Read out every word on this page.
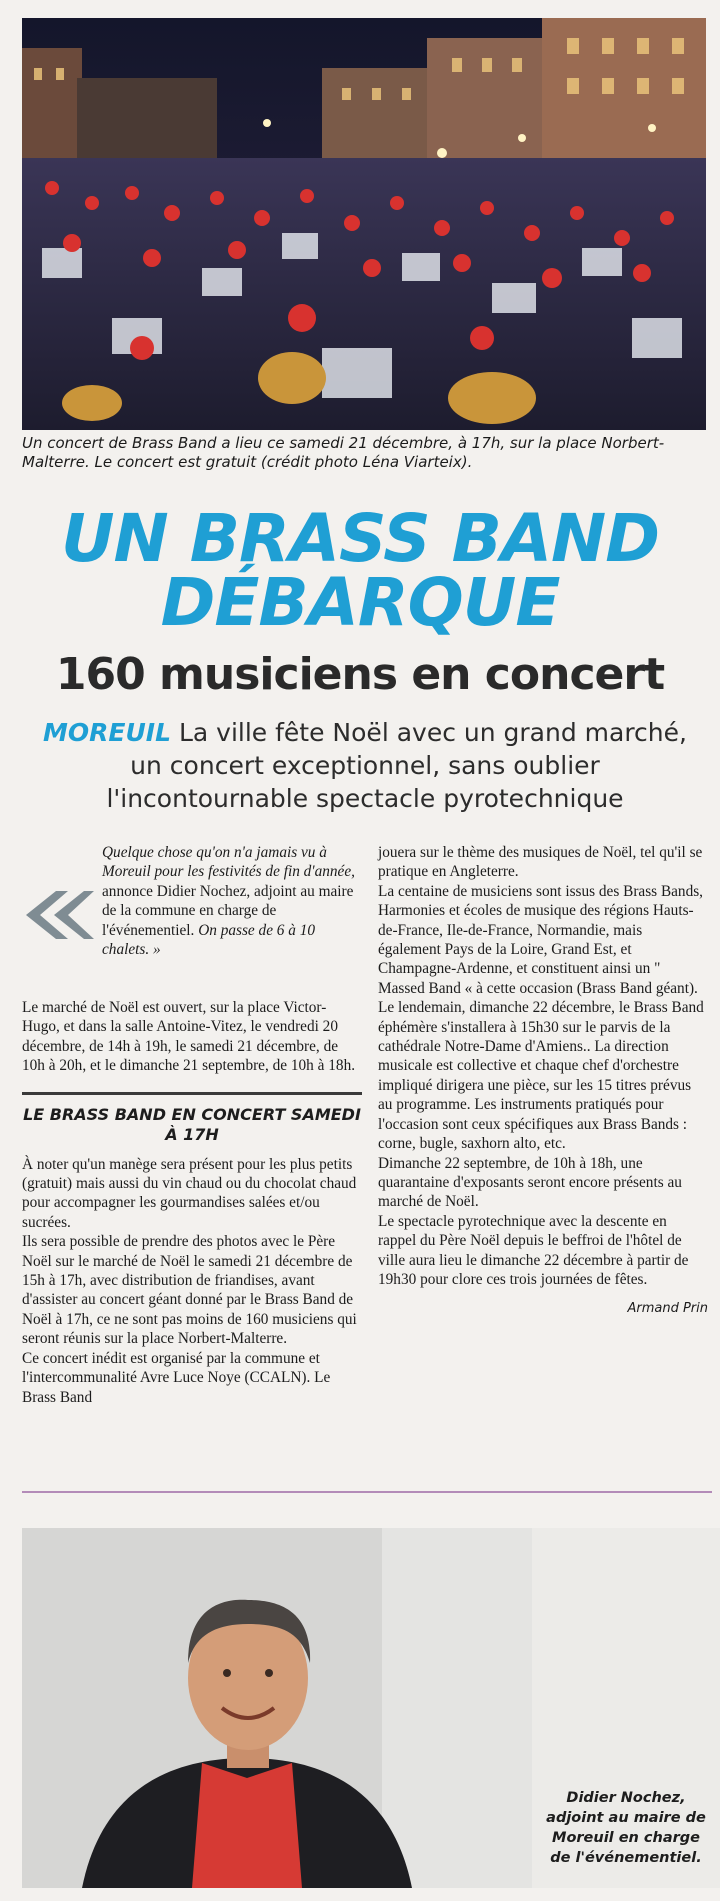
Un concert de Brass Band a lieu ce samedi 21 décembre, à 17h, sur la place Norbert-Malterre. Le concert est gratuit (crédit photo Léna Viarteix).
UN BRASS BAND
DÉBARQUE
160 musiciens en concert
MOREUIL La ville fête Noël avec un grand marché, un concert exceptionnel, sans oublier l'incontournable spectacle pyrotechnique
Quelque chose qu'on n'a jamais vu à Moreuil pour les festivités de fin d'année, annonce Didier Nochez, adjoint au maire de la commune en charge de l'événementiel. On passe de 6 à 10 chalets. »

Le marché de Noël est ouvert, sur la place Victor-Hugo, et dans la salle Antoine-Vitez, le vendredi 20 décembre, de 14h à 19h, le samedi 21 décembre, de 10h à 20h, et le dimanche 21 septembre, de 10h à 18h.

LE BRASS BAND EN CONCERT SAMEDI À 17H

À noter qu'un manège sera présent pour les plus petits (gratuit) mais aussi du vin chaud ou du chocolat chaud pour accompagner les gourmandises salées et/ou sucrées.

Ils sera possible de prendre des photos avec le Père Noël sur le marché de Noël le samedi 21 décembre de 15h à 17h, avec distribution de friandises, avant d'assister au concert géant donné par le Brass Band de Noël à 17h, ce ne sont pas moins de 160 musiciens qui seront réunis sur la place Norbert-Malterre.

Ce concert inédit est organisé par la commune et l'intercommunalité Avre Luce Noye (CCALN). Le Brass Band

jouera sur le thème des musiques de Noël, tel qu'il se pratique en Angleterre.

La centaine de musiciens sont issus des Brass Bands, Harmonies et écoles de musique des régions Hauts-de-France, Ile-de-France, Normandie, mais également Pays de la Loire, Grand Est, et Champagne-Ardenne, et constituent ainsi un " Massed Band « à cette occasion (Brass Band géant). Le lendemain, dimanche 22 décembre, le Brass Band éphémère s'installera à 15h30 sur le parvis de la cathédrale Notre-Dame d'Amiens.. La direction musicale est collective et chaque chef d'orchestre impliqué dirigera une pièce, sur les 15 titres prévus au programme. Les instruments pratiqués pour l'occasion sont ceux spécifiques aux Brass Bands : corne, bugle, saxhorn alto, etc.

Dimanche 22 septembre, de 10h à 18h, une quarantaine d'exposants seront encore présents au marché de Noël.

Le spectacle pyrotechnique avec la descente en rappel du Père Noël depuis le beffroi de l'hôtel de ville aura lieu le dimanche 22 décembre à partir de 19h30 pour clore ces trois journées de fêtes.

Armand Prin
Didier Nochez, adjoint au maire de Moreuil en charge de l'événementiel.
